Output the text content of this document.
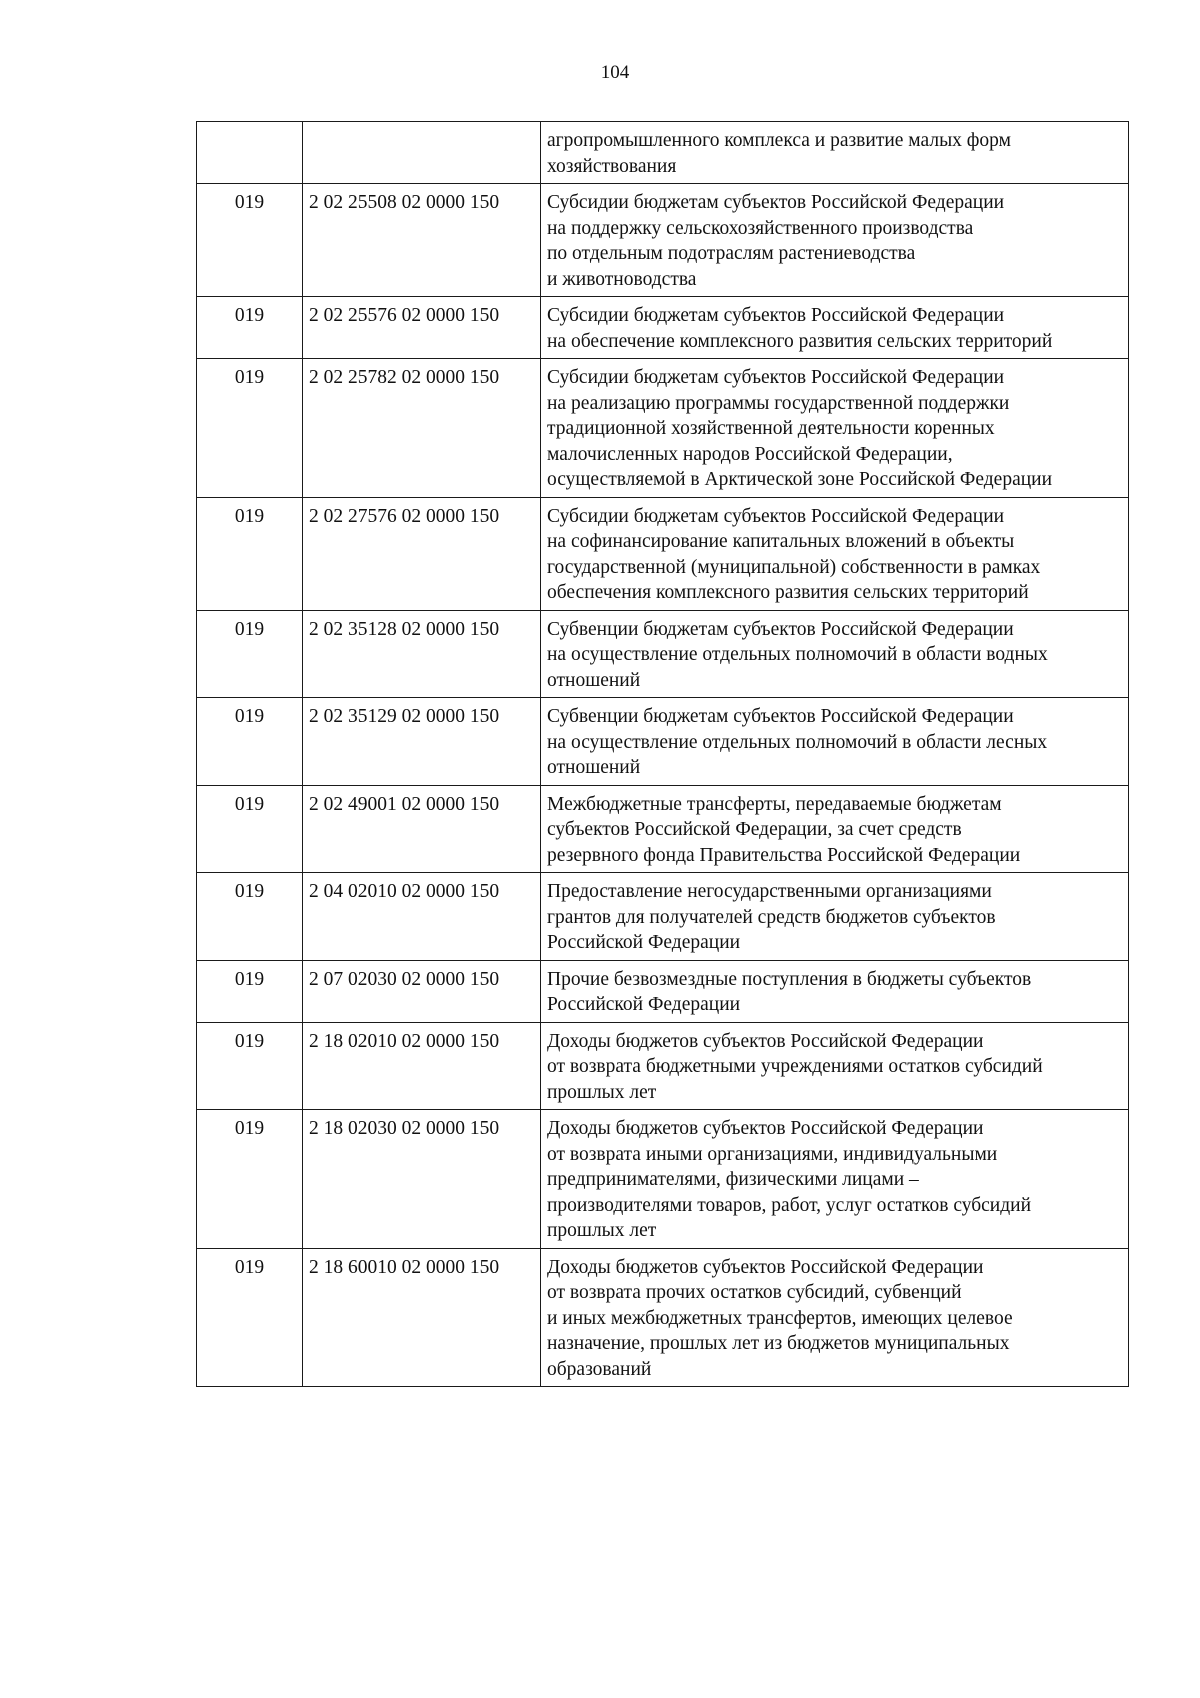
104

		агропромышленного комплекса и развитие малых форм
хозяйствования

019	2 02 25508 02 0000 150	Субсидии бюджетам субъектов Российской Федерации
на поддержку сельскохозяйственного производства
по отдельным подотраслям растениеводства
и животноводства

019	2 02 25576 02 0000 150	Субсидии бюджетам субъектов Российской Федерации
на обеспечение комплексного развития сельских территорий

019	2 02 25782 02 0000 150	Субсидии бюджетам субъектов Российской Федерации
на реализацию программы государственной поддержки
традиционной хозяйственной деятельности коренных
малочисленных народов Российской Федерации,
осуществляемой в Арктической зоне Российской Федерации

019	2 02 27576 02 0000 150	Субсидии бюджетам субъектов Российской Федерации
на софинансирование капитальных вложений в объекты
государственной (муниципальной) собственности в рамках
обеспечения комплексного развития сельских территорий

019	2 02 35128 02 0000 150	Субвенции бюджетам субъектов Российской Федерации
на осуществление отдельных полномочий в области водных
отношений

019	2 02 35129 02 0000 150	Субвенции бюджетам субъектов Российской Федерации
на осуществление отдельных полномочий в области лесных
отношений

019	2 02 49001 02 0000 150	Межбюджетные трансферты, передаваемые бюджетам
субъектов Российской Федерации, за счет средств
резервного фонда Правительства Российской Федерации

019	2 04 02010 02 0000 150	Предоставление негосударственными организациями
грантов для получателей средств бюджетов субъектов
Российской Федерации

019	2 07 02030 02 0000 150	Прочие безвозмездные поступления в бюджеты субъектов
Российской Федерации

019	2 18 02010 02 0000 150	Доходы бюджетов субъектов Российской Федерации
от возврата бюджетными учреждениями остатков субсидий
прошлых лет

019	2 18 02030 02 0000 150	Доходы бюджетов субъектов Российской Федерации
от возврата иными организациями, индивидуальными
предпринимателями, физическими лицами –
производителями товаров, работ, услуг остатков субсидий
прошлых лет

019	2 18 60010 02 0000 150	Доходы бюджетов субъектов Российской Федерации
от возврата прочих остатков субсидий, субвенций
и иных межбюджетных трансфертов, имеющих целевое
назначение, прошлых лет из бюджетов муниципальных
образований
